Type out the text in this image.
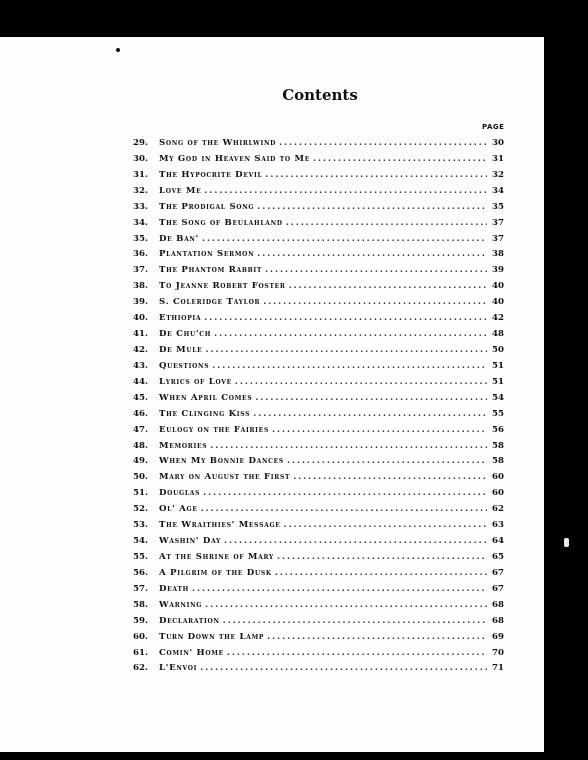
Contents
PAGE
29.	Song of the Whirlwind .....	30
30.	My God in Heaven Said to Me .....	31
31.	The Hypocrite Devil .....	32
32.	Love Me .....	34
33.	The Prodigal Song .....	35
34.	The Song of Beulahland .....	37
35.	De Ban' .....	37
36.	Plantation Sermon .....	38
37.	The Phantom Rabbit .....	39
38.	To Jeanne Robert Foster .....	40
39.	S. Coleridge Taylor .....	40
40.	Ethiopia .....	42
41.	De Chu'ch .....	48
42.	De Mule .....	50
43.	Questions .....	51
44.	Lyrics of Love .....	51
45.	When April Comes .....	54
46.	The Clinging Kiss .....	55
47.	Eulogy on the Fairies .....	56
48.	Memories .....	58
49.	When My Bonnie Dances .....	58
50.	Mary on August the First .....	60
51.	Douglas .....	60
52.	Ol' Age .....	62
53.	The Wraithies' Message .....	63
54.	Washin' Day .....	64
55.	At the Shrine of Mary .....	65
56.	A Pilgrim of the Dusk .....	67
57.	Death .....	67
58.	Warning .....	68
59.	Declaration .....	68
60.	Turn Down the Lamp .....	69
61.	Comin' Home .....	70
62.	L'Envoi .....	71
